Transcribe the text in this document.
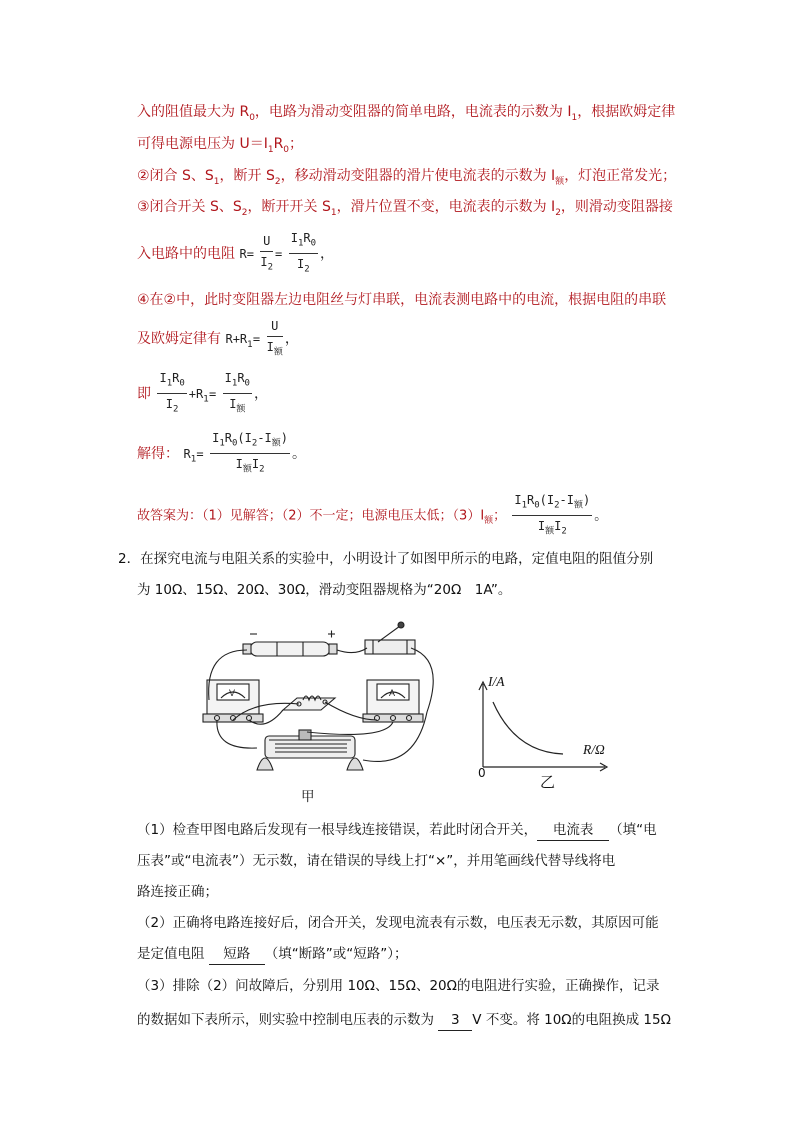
入的阻值最大为 $R_0$，电路为滑动变阻器的简单电路，电流表的示数为 $I_1$，根据欧姆定律
可得电源电压为 $U=I_1R_0$；
②闭合 S、$S_1$，断开 $S_2$，移动滑动变阻器的滑片使电流表的示数为 $I_额$，灯泡正常发光；
③闭合开关 S、$S_2$，断开开关 $S_1$，滑片位置不变，电流表的示数为 $I_2$，则滑动变阻器接
入电路中的电阻 $R= \frac{U}{I_2} = \frac{I_1R_0}{I_2}$ ，
④在②中，此时变阻器左边电阻丝与灯串联，电流表测电路中的电流，根据电阻的串联
及欧姆定律有 $R+R_1= \frac{U}{I_额}$ ，
即 $\frac{I_1R_0}{I_2} +R_1= \frac{I_1R_0}{I_额}$ ，
解得： $R_1= \frac{I_1R_0(I_2-I_额)}{I_额I_2}$ 。
故答案为：（1）见解答；（2）不一定；电源电压太低；$(3)I_额$； $\frac{I_1R_0(I_2-I_额)}{I_额I_2}$ 。
2．在探究电流与电阻关系的实验中，小明设计了如图甲所示的电路，定值电阻的阻值分别
为 10Ω、15Ω、20Ω、30Ω，滑动变阻器规格为“20Ω　1A”。
V	A
甲
I/A
R/Ω
0	乙
（1）检查甲图电路后发现有一根导线连接错误，若此时闭合开关， 电流表 （填“电
压表”或“电流表”）无示数，请在错误的导线上打“×”，并用笔画线代替导线将电
路连接正确；
（2）正确将电路连接好后，闭合开关，发现电流表有示数，电压表无示数，其原因可能
是定值电阻 短路 （填“断路”或“短路”）；
（3）排除（2）问故障后，分别用 10Ω、15Ω、20Ω的电阻进行实验，正确操作，记录
的数据如下表所示，则实验中控制电压表的示数为 3 V 不变。将 10Ω的电阻换成 15Ω
